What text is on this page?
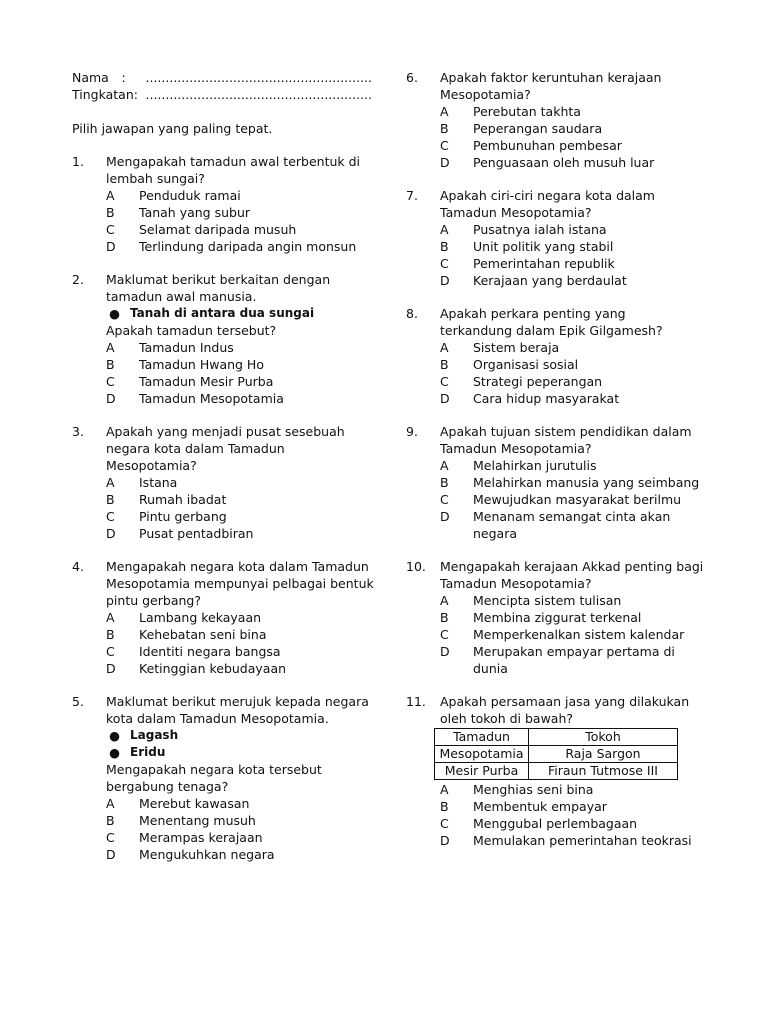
Nama	:	.........................................................
Tingkatan : .........................................................
Pilih jawapan yang paling tepat.
1.	Mengapakah tamadun awal terbentuk di
lembah sungai?
A	Penduduk ramai
B	Tanah yang subur
C	Selamat daripada musuh
D	Terlindung daripada angin monsun
2.	Maklumat berikut berkaitan dengan
tamadun awal manusia.
● Tanah di antara dua sungai
Apakah tamadun tersebut?
A	Tamadun Indus
B	Tamadun Hwang Ho
C	Tamadun Mesir Purba
D	Tamadun Mesopotamia
3.	Apakah yang menjadi pusat sesebuah
negara kota dalam Tamadun
Mesopotamia?
A	Istana
B	Rumah ibadat
C	Pintu gerbang
D	Pusat pentadbiran
4.	Mengapakah negara kota dalam Tamadun
Mesopotamia mempunyai pelbagai bentuk
pintu gerbang?
A	Lambang kekayaan
B	Kehebatan seni bina
C	Identiti negara bangsa
D	Ketinggian kebudayaan
5.	Maklumat berikut merujuk kepada negara
kota dalam Tamadun Mesopotamia.
● Lagash
● Eridu
Mengapakah negara kota tersebut
bergabung tenaga?
A	Merebut kawasan
B	Menentang musuh
C	Merampas kerajaan
D	Mengukuhkan negara
6.	Apakah faktor keruntuhan kerajaan
Mesopotamia?
A	Perebutan takhta
B	Peperangan saudara
C	Pembunuhan pembesar
D	Penguasaan oleh musuh luar
7.	Apakah ciri-ciri negara kota dalam
Tamadun Mesopotamia?
A	Pusatnya ialah istana
B	Unit politik yang stabil
C	Pemerintahan republik
D	Kerajaan yang berdaulat
8.	Apakah perkara penting yang
terkandung dalam Epik Gilgamesh?
A	Sistem beraja
B	Organisasi sosial
C	Strategi peperangan
D	Cara hidup masyarakat
9.	Apakah tujuan sistem pendidikan dalam
Tamadun Mesopotamia?
A	Melahirkan jurutulis
B	Melahirkan manusia yang seimbang
C	Mewujudkan masyarakat berilmu
D	Menanam semangat cinta akan
negara
10.	Mengapakah kerajaan Akkad penting bagi
Tamadun Mesopotamia?
A	Mencipta sistem tulisan
B	Membina ziggurat terkenal
C	Memperkenalkan sistem kalendar
D	Merupakan empayar pertama di
dunia
11.	Apakah persamaan jasa yang dilakukan
oleh tokoh di bawah?
Tamadun	Tokoh
Mesopotamia	Raja Sargon
Mesir Purba	Firaun Tutmose III
A	Menghias seni bina
B	Membentuk empayar
C	Menggubal perlembagaan
D	Memulakan pemerintahan teokrasi
